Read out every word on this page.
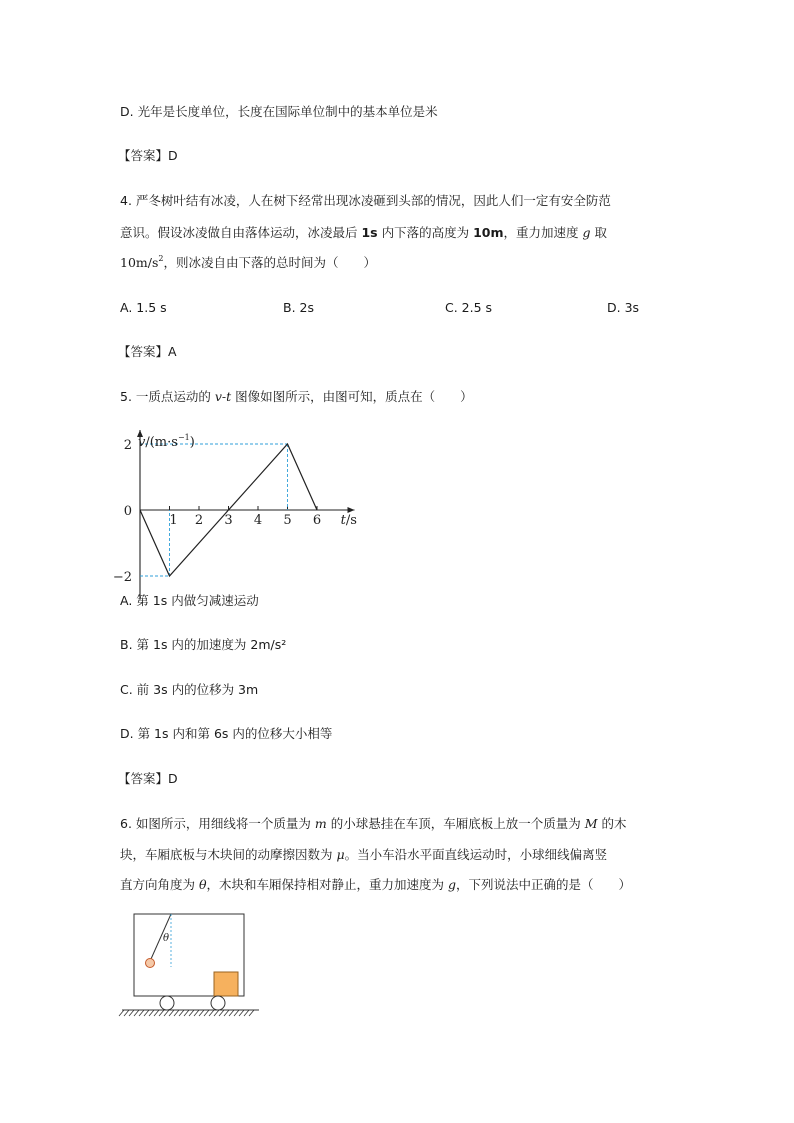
D. 光年是长度单位，长度在国际单位制中的基本单位是米
【答案】D
4. 严冬树叶结有冰凌，人在树下经常出现冰凌砸到头部的情况，因此人们一定有安全防范
意识。假设冰凌做自由落体运动，冰凌最后 1s 内下落的高度为 10m，重力加速度 g 取
$10m/s^2$，则冰凌自由下落的总时间为（　　）
A. 1.5 s	B. 2s	C. 2.5 s	D. 3s
【答案】A
5. 一质点运动的 v-t 图像如图所示，由图可知，质点在（　　）
1 2 3 4 5 6
2
0
−2
$v/(m\cdot s^{-1})$
t/s
A. 第 1s 内做匀减速运动
B. 第 1s 内的加速度为 2m/s²
C. 前 3s 内的位移为 3m
D. 第 1s 内和第 6s 内的位移大小相等
【答案】D
6. 如图所示，用细线将一个质量为 m 的小球悬挂在车顶，车厢底板上放一个质量为 M 的木
块，车厢底板与木块间的动摩擦因数为 μ。当小车沿水平面直线运动时，小球细线偏离竖
直方向角度为 θ，木块和车厢保持相对静止，重力加速度为 g，下列说法中正确的是（　　）
θ
